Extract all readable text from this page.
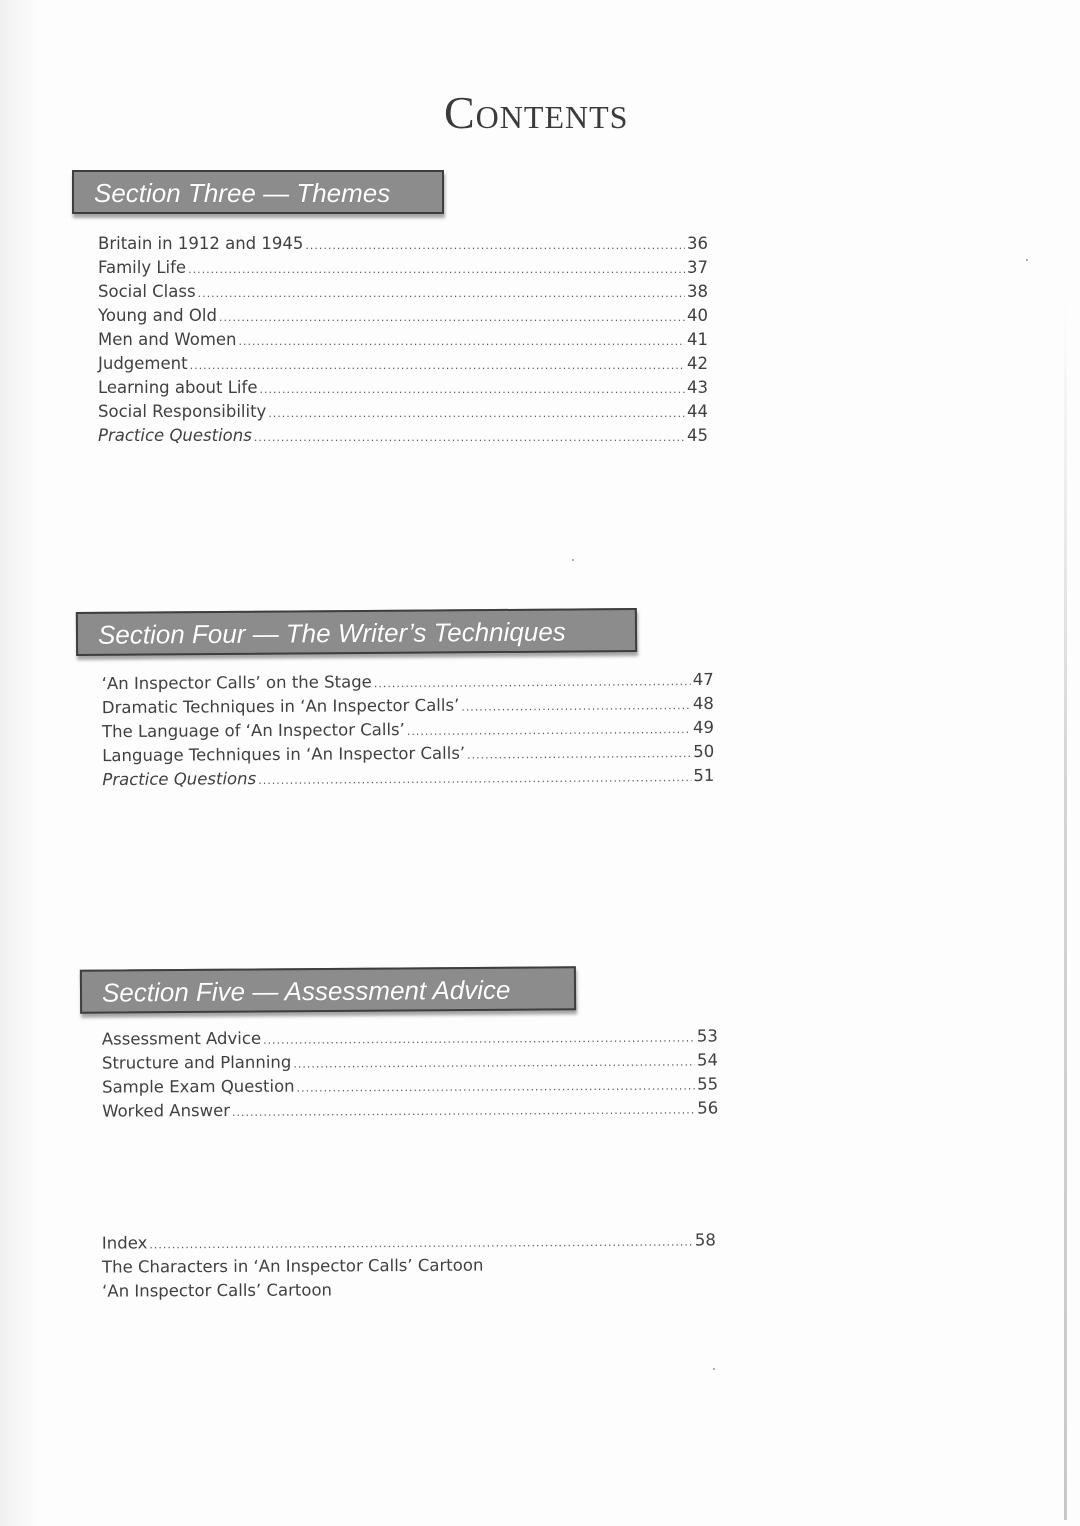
Contents
Section Three — Themes
Britain in 1912 and 1945 .....	36
Family Life .....	37
Social Class .....	38
Young and Old .....	40
Men and Women .....	41
Judgement .....	42
Learning about Life .....	43
Social Responsibility .....	44
Practice Questions .....	45
Section Four — The Writer’s Techniques
‘An Inspector Calls’ on the Stage .....	47
Dramatic Techniques in ‘An Inspector Calls’ .....	48
The Language of ‘An Inspector Calls’ .....	49
Language Techniques in ‘An Inspector Calls’ .....	50
Practice Questions .....	51
Section Five — Assessment Advice
Assessment Advice .....	53
Structure and Planning .....	54
Sample Exam Question .....	55
Worked Answer .....	56
Index .....	58
The Characters in ‘An Inspector Calls’ Cartoon
‘An Inspector Calls’ Cartoon
